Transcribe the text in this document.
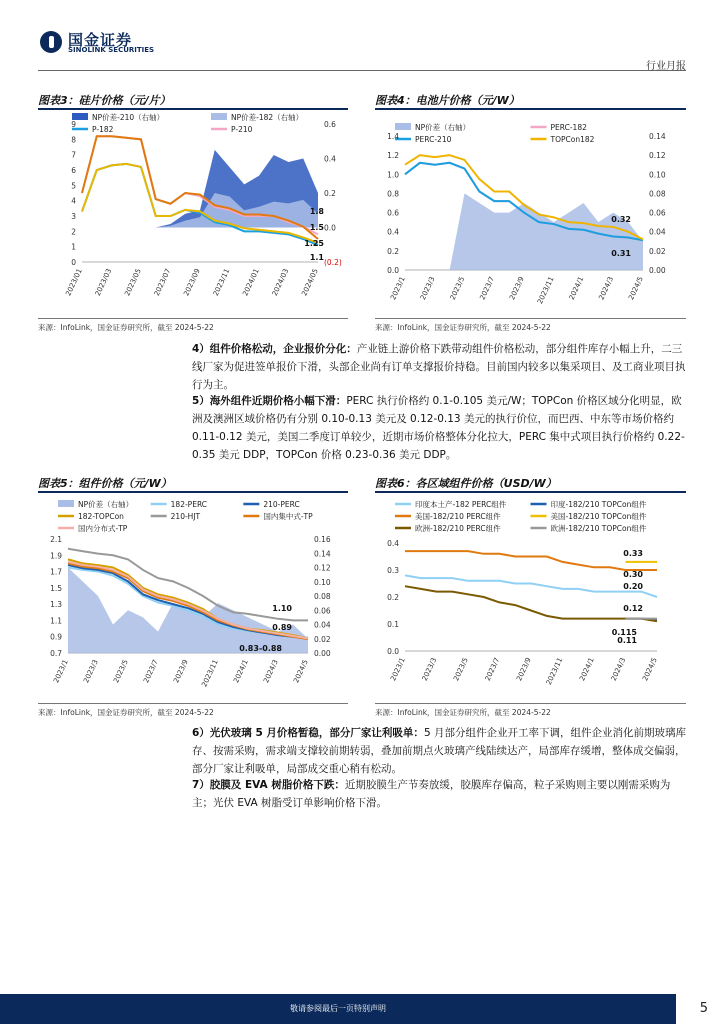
国金证券
SINOLINK SECURITIES
行业月报
图表3：硅片价格（元/片）
NP价差-210（右轴）	NP价差-182（右轴）
P-182	P-210
0
1
2
3
4
5
6
7
8
9
(0.2)
0.0
0.2
0.4
0.6
2023/01 2023/03 2023/05 2023/07 2023/09 2023/11 2024/01 2024/03 2024/05
1.8
1.5
1.25
1.1
来源：InfoLink，国金证券研究所，截至 2024-5-22
图表4：电池片价格（元/W）
NP价差（右轴）	PERC-182
PERC-210	TOPCon182
0.0
0.2
0.4
0.6
0.8
1.0
1.2
1.4
0.00
0.02
0.04
0.06
0.08
0.10
0.12
0.14
2023/1 2023/3 2023/5 2023/7 2023/9 2023/11 2024/1 2024/3 2024/5
0.32
0.31
来源：InfoLink，国金证券研究所，截至 2024-5-22
4）组件价格松动，企业报价分化：产业链上游价格下跌带动组件价格松动，部分组件库存小幅上升，二三线厂家为促进签单报价下滑，头部企业尚有订单支撑报价持稳。目前国内较多以集采项目、及工商业项目执行为主。
5）海外组件近期价格小幅下滑：PERC 执行价格约 0.1-0.105 美元/W；TOPCon 价格区域分化明显，欧洲及澳洲区域价格仍有分别 0.10-0.13 美元及 0.12-0.13 美元的执行价位，而巴西、中东等市场价格约 0.11-0.12 美元，美国二季度订单较少，近期市场价格整体分化拉大，PERC 集中式项目执行价格约 0.22-0.35 美元 DDP，TOPCon 价格 0.23-0.36 美元 DDP。
图表5：组件价格（元/W）
NP价差（右轴）	182-PERC	210-PERC
182-TOPCon	210-HJT	国内集中式-TP
国内分布式-TP
0.7
0.9
1.1
1.3
1.5
1.7
1.9
2.1
0.00
0.02
0.04
0.06
0.08
0.10
0.12
0.14
0.16
2023/1 2023/3 2023/5 2023/7 2023/9 2023/11 2024/1 2024/3 2024/5
1.10
0.89
0.83-0.88
来源：InfoLink，国金证券研究所，截至 2024-5-22
图表6：各区域组件价格（USD/W）
印度本土产-182 PERC组件	印度-182/210 TOPCon组件
美国-182/210 PERC组件	美国-182/210 TOPCon组件
欧洲-182/210 PERC组件	欧洲-182/210 TOPCon组件
0.0
0.1
0.2
0.3
0.4
2023/1 2023/3 2023/5 2023/7 2023/9 2023/11 2024/1 2024/3 2024/5
0.33
0.30
0.20
0.12
0.115
0.11
来源：InfoLink，国金证券研究所，截至 2024-5-22
6）光伏玻璃 5 月价格暂稳，部分厂家让利吸单：5 月部分组件企业开工率下调，组件企业消化前期玻璃库存、按需采购，需求端支撑较前期转弱，叠加前期点火玻璃产线陆续达产，局部库存缓增，整体成交偏弱，部分厂家让利吸单，局部成交重心稍有松动。
7）胶膜及 EVA 树脂价格下跌：近期胶膜生产节奏放缓，胶膜库存偏高，粒子采购则主要以刚需采购为主；光伏 EVA 树脂受订单影响价格下滑。
敬请参阅最后一页特别声明	5
